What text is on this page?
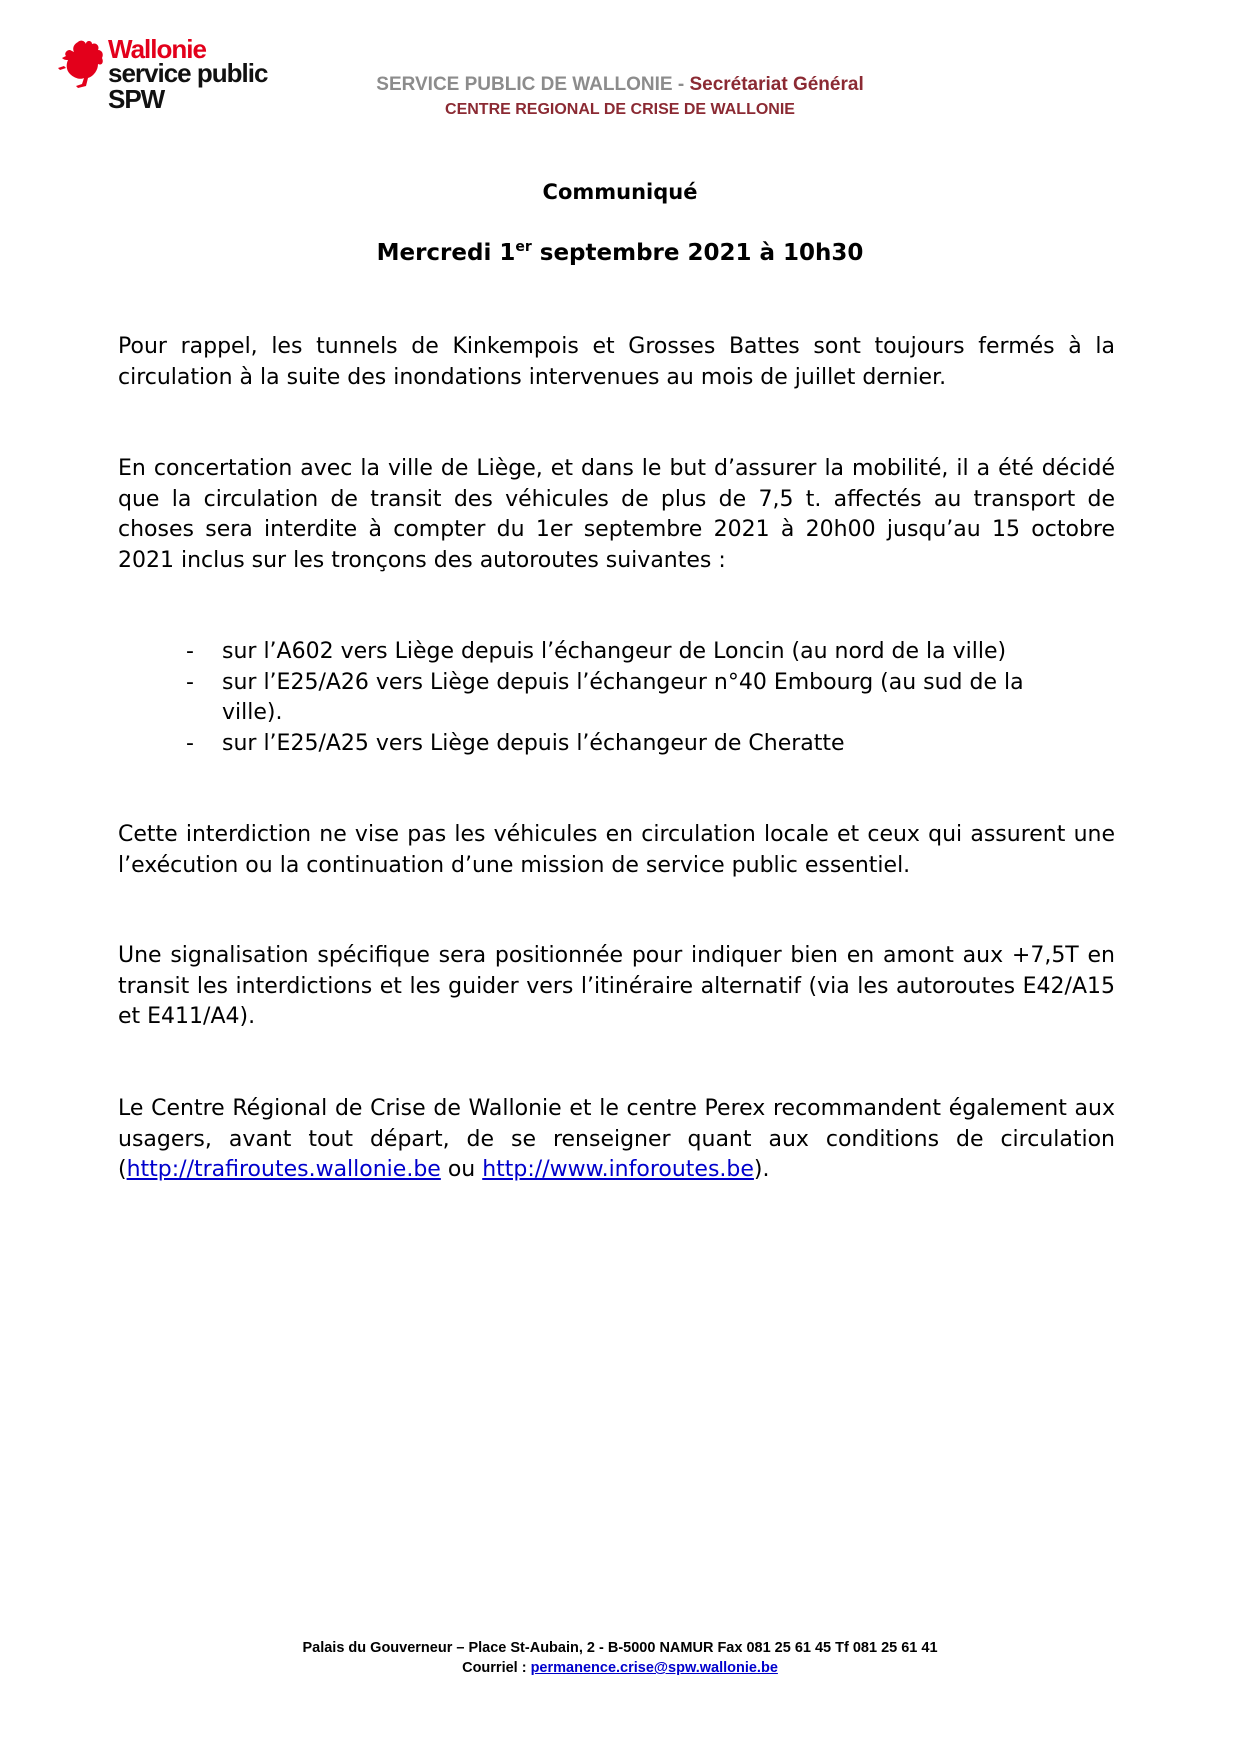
Wallonie
service public
SPW	SERVICE PUBLIC DE WALLONIE - Secrétariat Général
CENTRE REGIONAL DE CRISE DE WALLONIE
Communiqué
Mercredi 1er septembre 2021 à 10h30

Pour rappel, les tunnels de Kinkempois et Grosses Battes sont toujours fermés à la circulation à la suite des inondations intervenues au mois de juillet dernier.

En concertation avec la ville de Liège, et dans le but d’assurer la mobilité, il a été décidé que la circulation de transit des véhicules de plus de 7,5 t. affectés au transport de choses sera interdite à compter du 1er septembre 2021 à 20h00 jusqu’au 15 octobre 2021 inclus sur les tronçons des autoroutes suivantes :

- sur l’A602 vers Liège depuis l’échangeur de Loncin (au nord de la ville)
- sur l’E25/A26 vers Liège depuis l’échangeur n°40 Embourg (au sud de la ville).
- sur l’E25/A25 vers Liège depuis l’échangeur de Cheratte

Cette interdiction ne vise pas les véhicules en circulation locale et ceux qui assurent une l’exécution ou la continuation d’une mission de service public essentiel.

Une signalisation spécifique sera positionnée pour indiquer bien en amont aux +7,5T en transit les interdictions et les guider vers l’itinéraire alternatif (via les autoroutes E42/A15 et E411/A4).

Le Centre Régional de Crise de Wallonie et le centre Perex recommandent également aux usagers, avant tout départ, de se renseigner quant aux conditions de circulation (http://trafiroutes.wallonie.be ou http://www.inforoutes.be).

Palais du Gouverneur – Place St-Aubain, 2 - B-5000 NAMUR Fax 081 25 61 45 Tf 081 25 61 41
Courriel : permanence.crise@spw.wallonie.be
